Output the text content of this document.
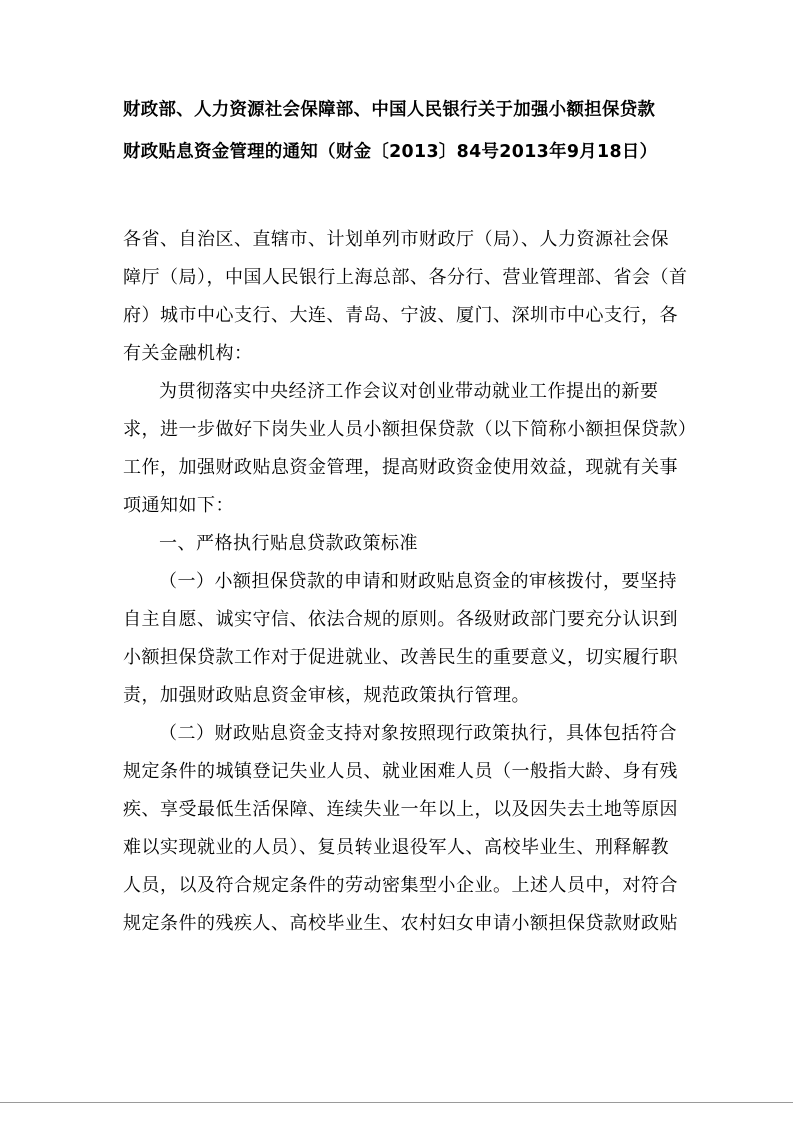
财政部、人力资源社会保障部、中国人民银行关于加强小额担保贷款
财政贴息资金管理的通知（财金〔2013〕84号2013年9月18日）
各省、自治区、直辖市、计划单列市财政厅（局）、人力资源社会保
障厅（局），中国人民银行上海总部、各分行、营业管理部、省会（首
府）城市中心支行、大连、青岛、宁波、厦门、深圳市中心支行，各
有关金融机构：
为贯彻落实中央经济工作会议对创业带动就业工作提出的新要
求，进一步做好下岗失业人员小额担保贷款（以下简称小额担保贷款）
工作，加强财政贴息资金管理，提高财政资金使用效益，现就有关事
项通知如下：
一、严格执行贴息贷款政策标准
（一）小额担保贷款的申请和财政贴息资金的审核拨付，要坚持
自主自愿、诚实守信、依法合规的原则。各级财政部门要充分认识到
小额担保贷款工作对于促进就业、改善民生的重要意义，切实履行职
责，加强财政贴息资金审核，规范政策执行管理。
（二）财政贴息资金支持对象按照现行政策执行，具体包括符合
规定条件的城镇登记失业人员、就业困难人员（一般指大龄、身有残
疾、享受最低生活保障、连续失业一年以上，以及因失去土地等原因
难以实现就业的人员）、复员转业退役军人、高校毕业生、刑释解教
人员，以及符合规定条件的劳动密集型小企业。上述人员中，对符合
规定条件的残疾人、高校毕业生、农村妇女申请小额担保贷款财政贴
